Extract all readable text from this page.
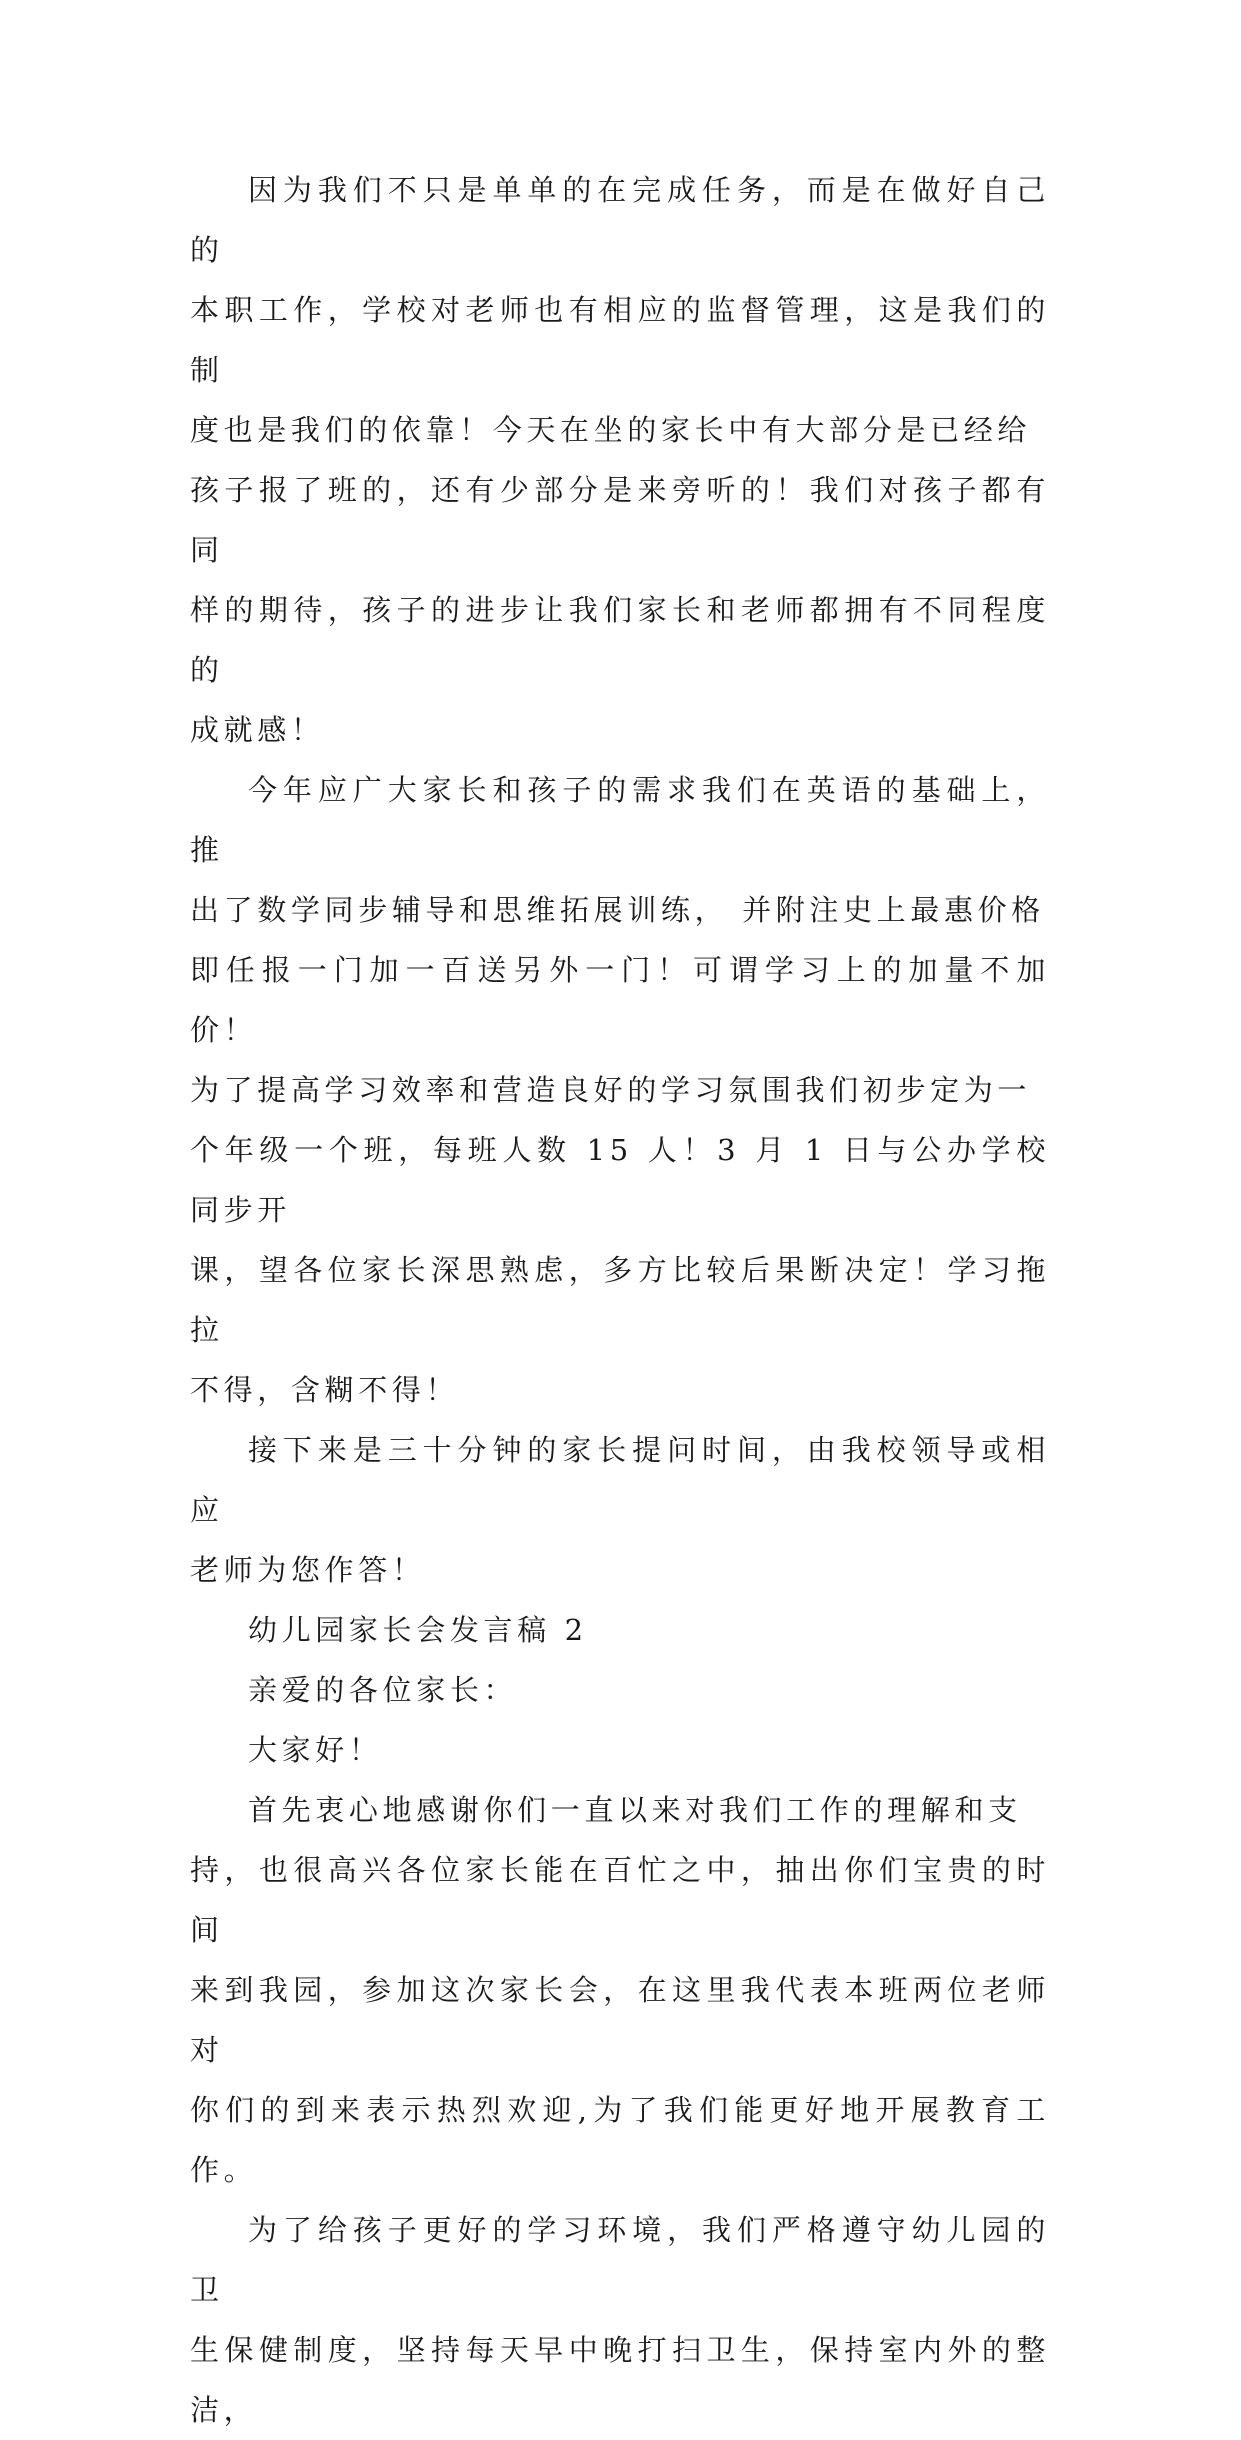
因为我们不只是单单的在完成任务，而是在做好自己的
本职工作，学校对老师也有相应的监督管理，这是我们的制
度也是我们的依靠！今天在坐的家长中有大部分是已经给
孩子报了班的，还有少部分是来旁听的！我们对孩子都有同
样的期待，孩子的进步让我们家长和老师都拥有不同程度的
成就感！

今年应广大家长和孩子的需求我们在英语的基础上，推
出了数学同步辅导和思维拓展训练， 并附注史上最惠价格
即任报一门加一百送另外一门！可谓学习上的加量不加价！
为了提高学习效率和营造良好的学习氛围我们初步定为一
个年级一个班，每班人数 15 人！3 月 1 日与公办学校同步开
课，望各位家长深思熟虑，多方比较后果断决定！学习拖拉
不得，含糊不得！

接下来是三十分钟的家长提问时间，由我校领导或相应
老师为您作答！

幼儿园家长会发言稿 2

亲爱的各位家长：

大家好！

首先衷心地感谢你们一直以来对我们工作的理解和支
持，也很高兴各位家长能在百忙之中，抽出你们宝贵的时间
来到我园，参加这次家长会，在这里我代表本班两位老师对
你们的到来表示热烈欢迎,为了我们能更好地开展教育工作。

为了给孩子更好的学习环境，我们严格遵守幼儿园的卫
生保健制度，坚持每天早中晚打扫卫生，保持室内外的整洁，
